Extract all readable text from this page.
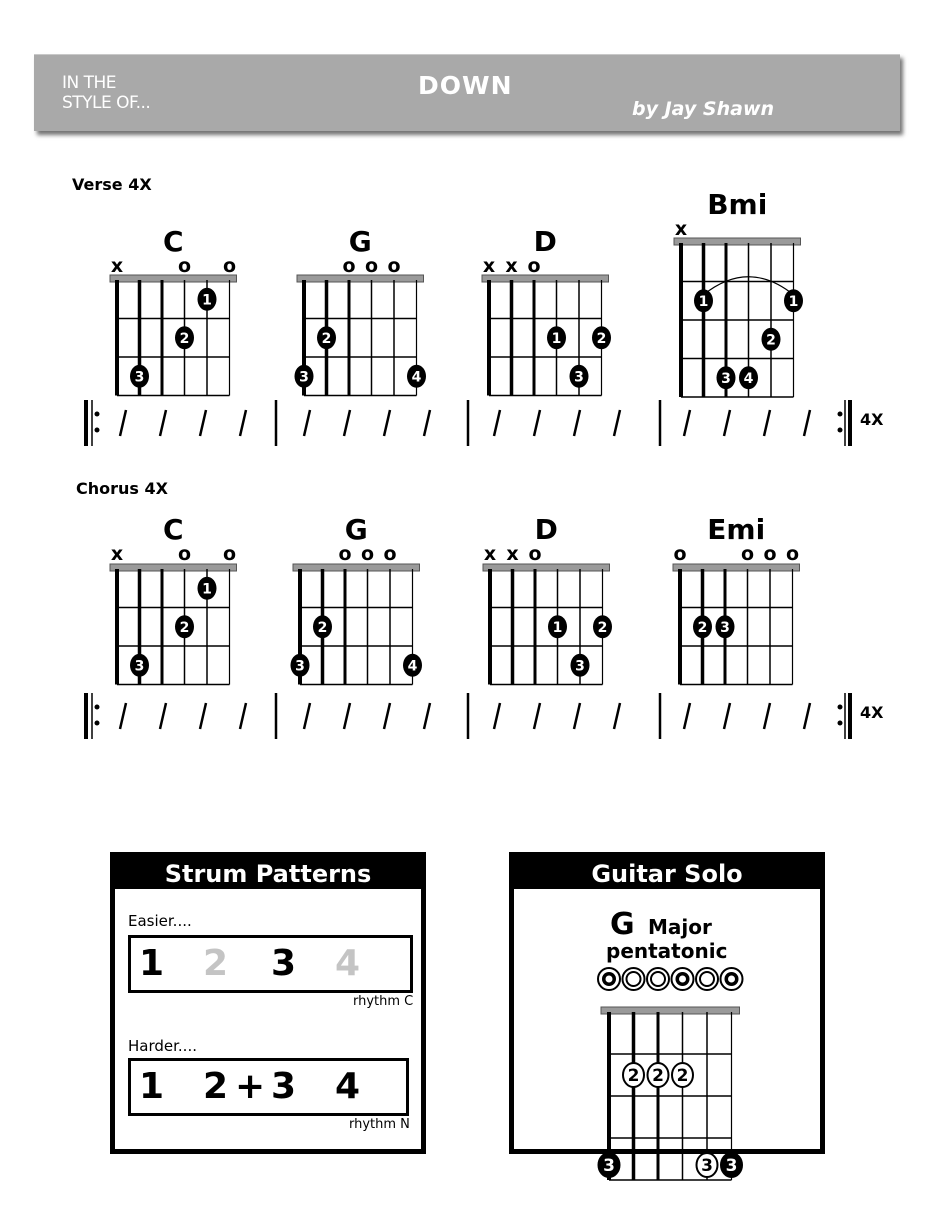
IN THE
STYLE OF...
DOWN
by Jay Shawn
Verse 4X
Chorus 4X
4X
4X
C
x	o o
1
2
3
G
o o o
2
3	4
D
x x o
1	2
3
Bmi
x
1	1
2
3 4
C
x	o o
1
2
3
G
o o o
2
3	4
D
x x o
1	2
3
Emi
o	o o o
2 3
Strum Patterns
Easier....
1 2 3 4
rhythm C
Harder....
1 2 + 3 4
rhythm N
Guitar Solo
G Major
pentatonic
3
2 2 2
3 3
